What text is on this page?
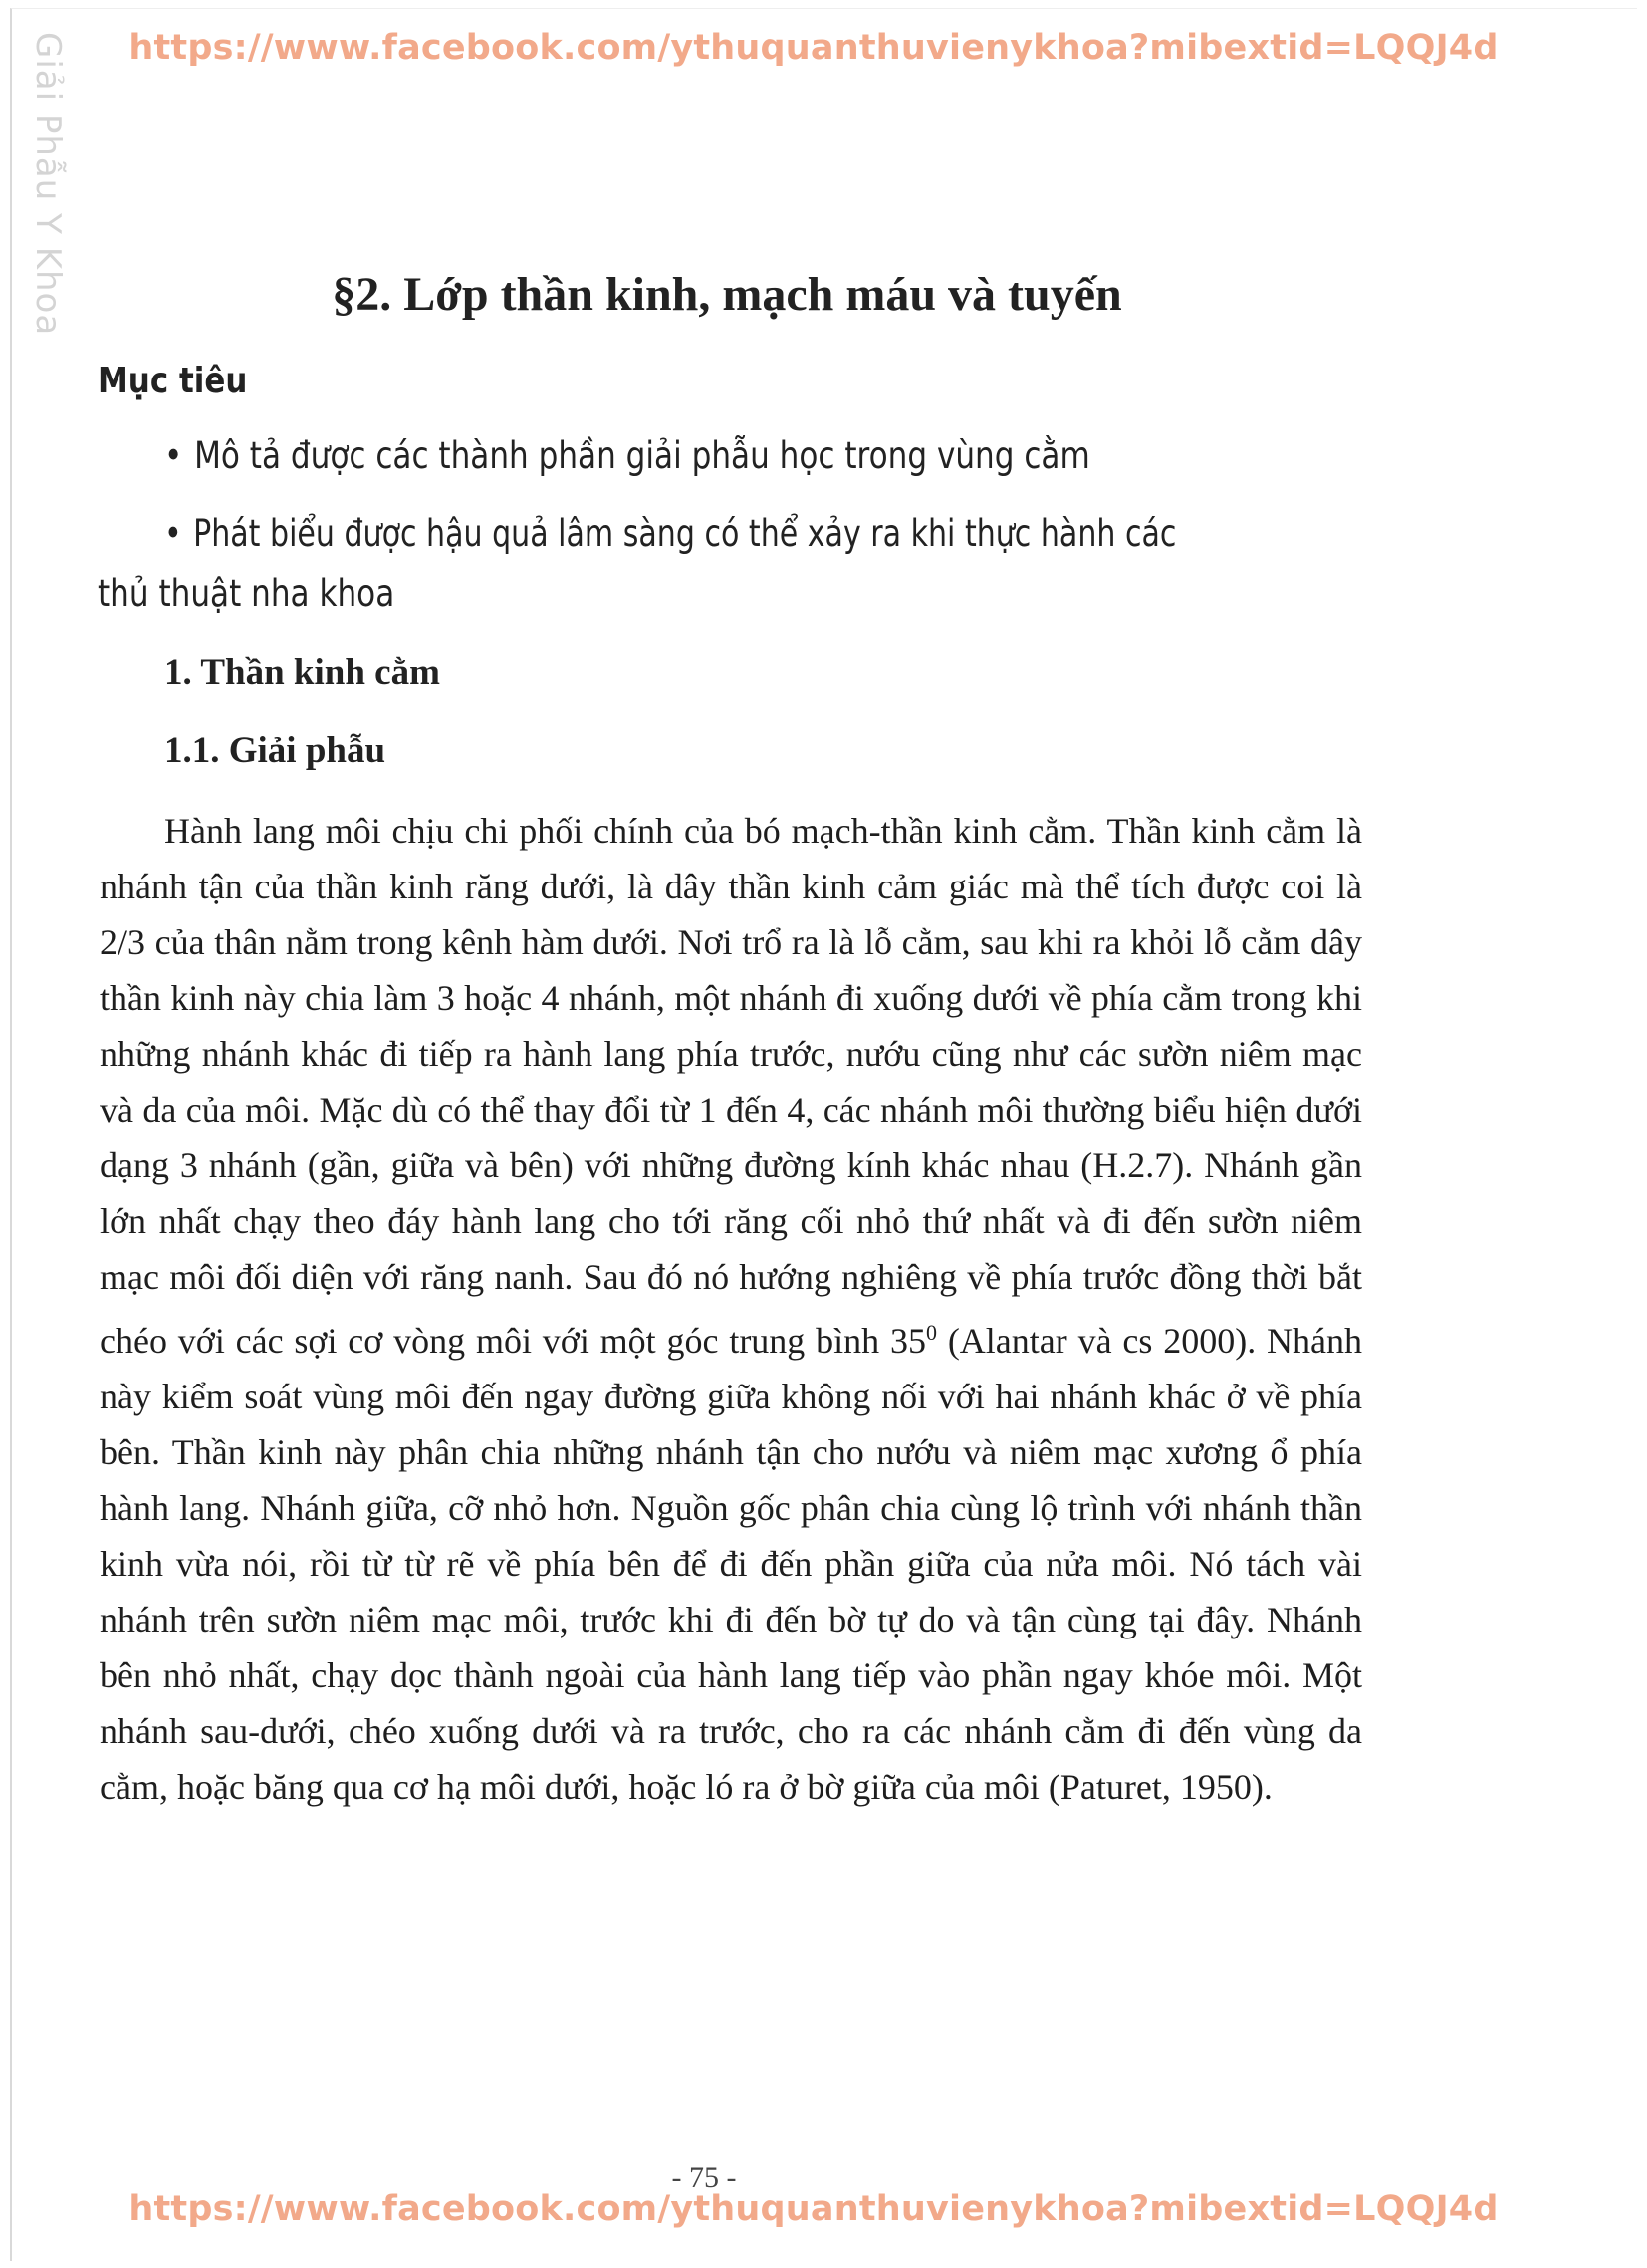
https://www.facebook.com/ythuquanthuvienykhoa?mibextid=LQQJ4d
Giải Phẫu Y Khoa	§2. Lớp thần kinh, mạch máu và tuyến
Mục tiêu
• Mô tả được các thành phần giải phẫu học trong vùng cằm
• Phát biểu được hậu quả lâm sàng có thể xảy ra khi thực hành các
thủ thuật nha khoa
1. Thần kinh cằm
1.1. Giải phẫu
Hành lang môi chịu chi phối chính của bó mạch-thần kinh cằm. Thần kinh cằm là nhánh tận của thần kinh răng dưới, là dây thần kinh cảm giác mà thể tích được coi là 2/3 của thân nằm trong kênh hàm dưới. Nơi trổ ra là lỗ cằm, sau khi ra khỏi lỗ cằm dây thần kinh này chia làm 3 hoặc 4 nhánh, một nhánh đi xuống dưới về phía cằm trong khi những nhánh khác đi tiếp ra hành lang phía trước, nướu cũng như các sườn niêm mạc và da của môi. Mặc dù có thể thay đổi từ 1 đến 4, các nhánh môi thường biểu hiện dưới dạng 3 nhánh (gần, giữa và bên) với những đường kính khác nhau (H.2.7). Nhánh gần lớn nhất chạy theo đáy hành lang cho tới răng cối nhỏ thứ nhất và đi đến sườn niêm mạc môi đối diện với răng nanh. Sau đó nó hướng nghiêng về phía trước đồng thời bắt chéo với các sợi cơ vòng môi với một góc trung bình $35^0$ (Alantar và cs 2000). Nhánh này kiểm soát vùng môi đến ngay đường giữa không nối với hai nhánh khác ở về phía bên. Thần kinh này phân chia những nhánh tận cho nướu và niêm mạc xương ổ phía hành lang. Nhánh giữa, cỡ nhỏ hơn. Nguồn gốc phân chia cùng lộ trình với nhánh thần kinh vừa nói, rồi từ từ rẽ về phía bên để đi đến phần giữa của nửa môi. Nó tách vài nhánh trên sườn niêm mạc môi, trước khi đi đến bờ tự do và tận cùng tại đây. Nhánh bên nhỏ nhất, chạy dọc thành ngoài của hành lang tiếp vào phần ngay khóe môi. Một nhánh sau-dưới, chéo xuống dưới và ra trước, cho ra các nhánh cằm đi đến vùng da cằm, hoặc băng qua cơ hạ môi dưới, hoặc ló ra ở bờ giữa của môi (Paturet, 1950).
- 75 -
https://www.facebook.com/ythuquanthuvienykhoa?mibextid=LQQJ4d
